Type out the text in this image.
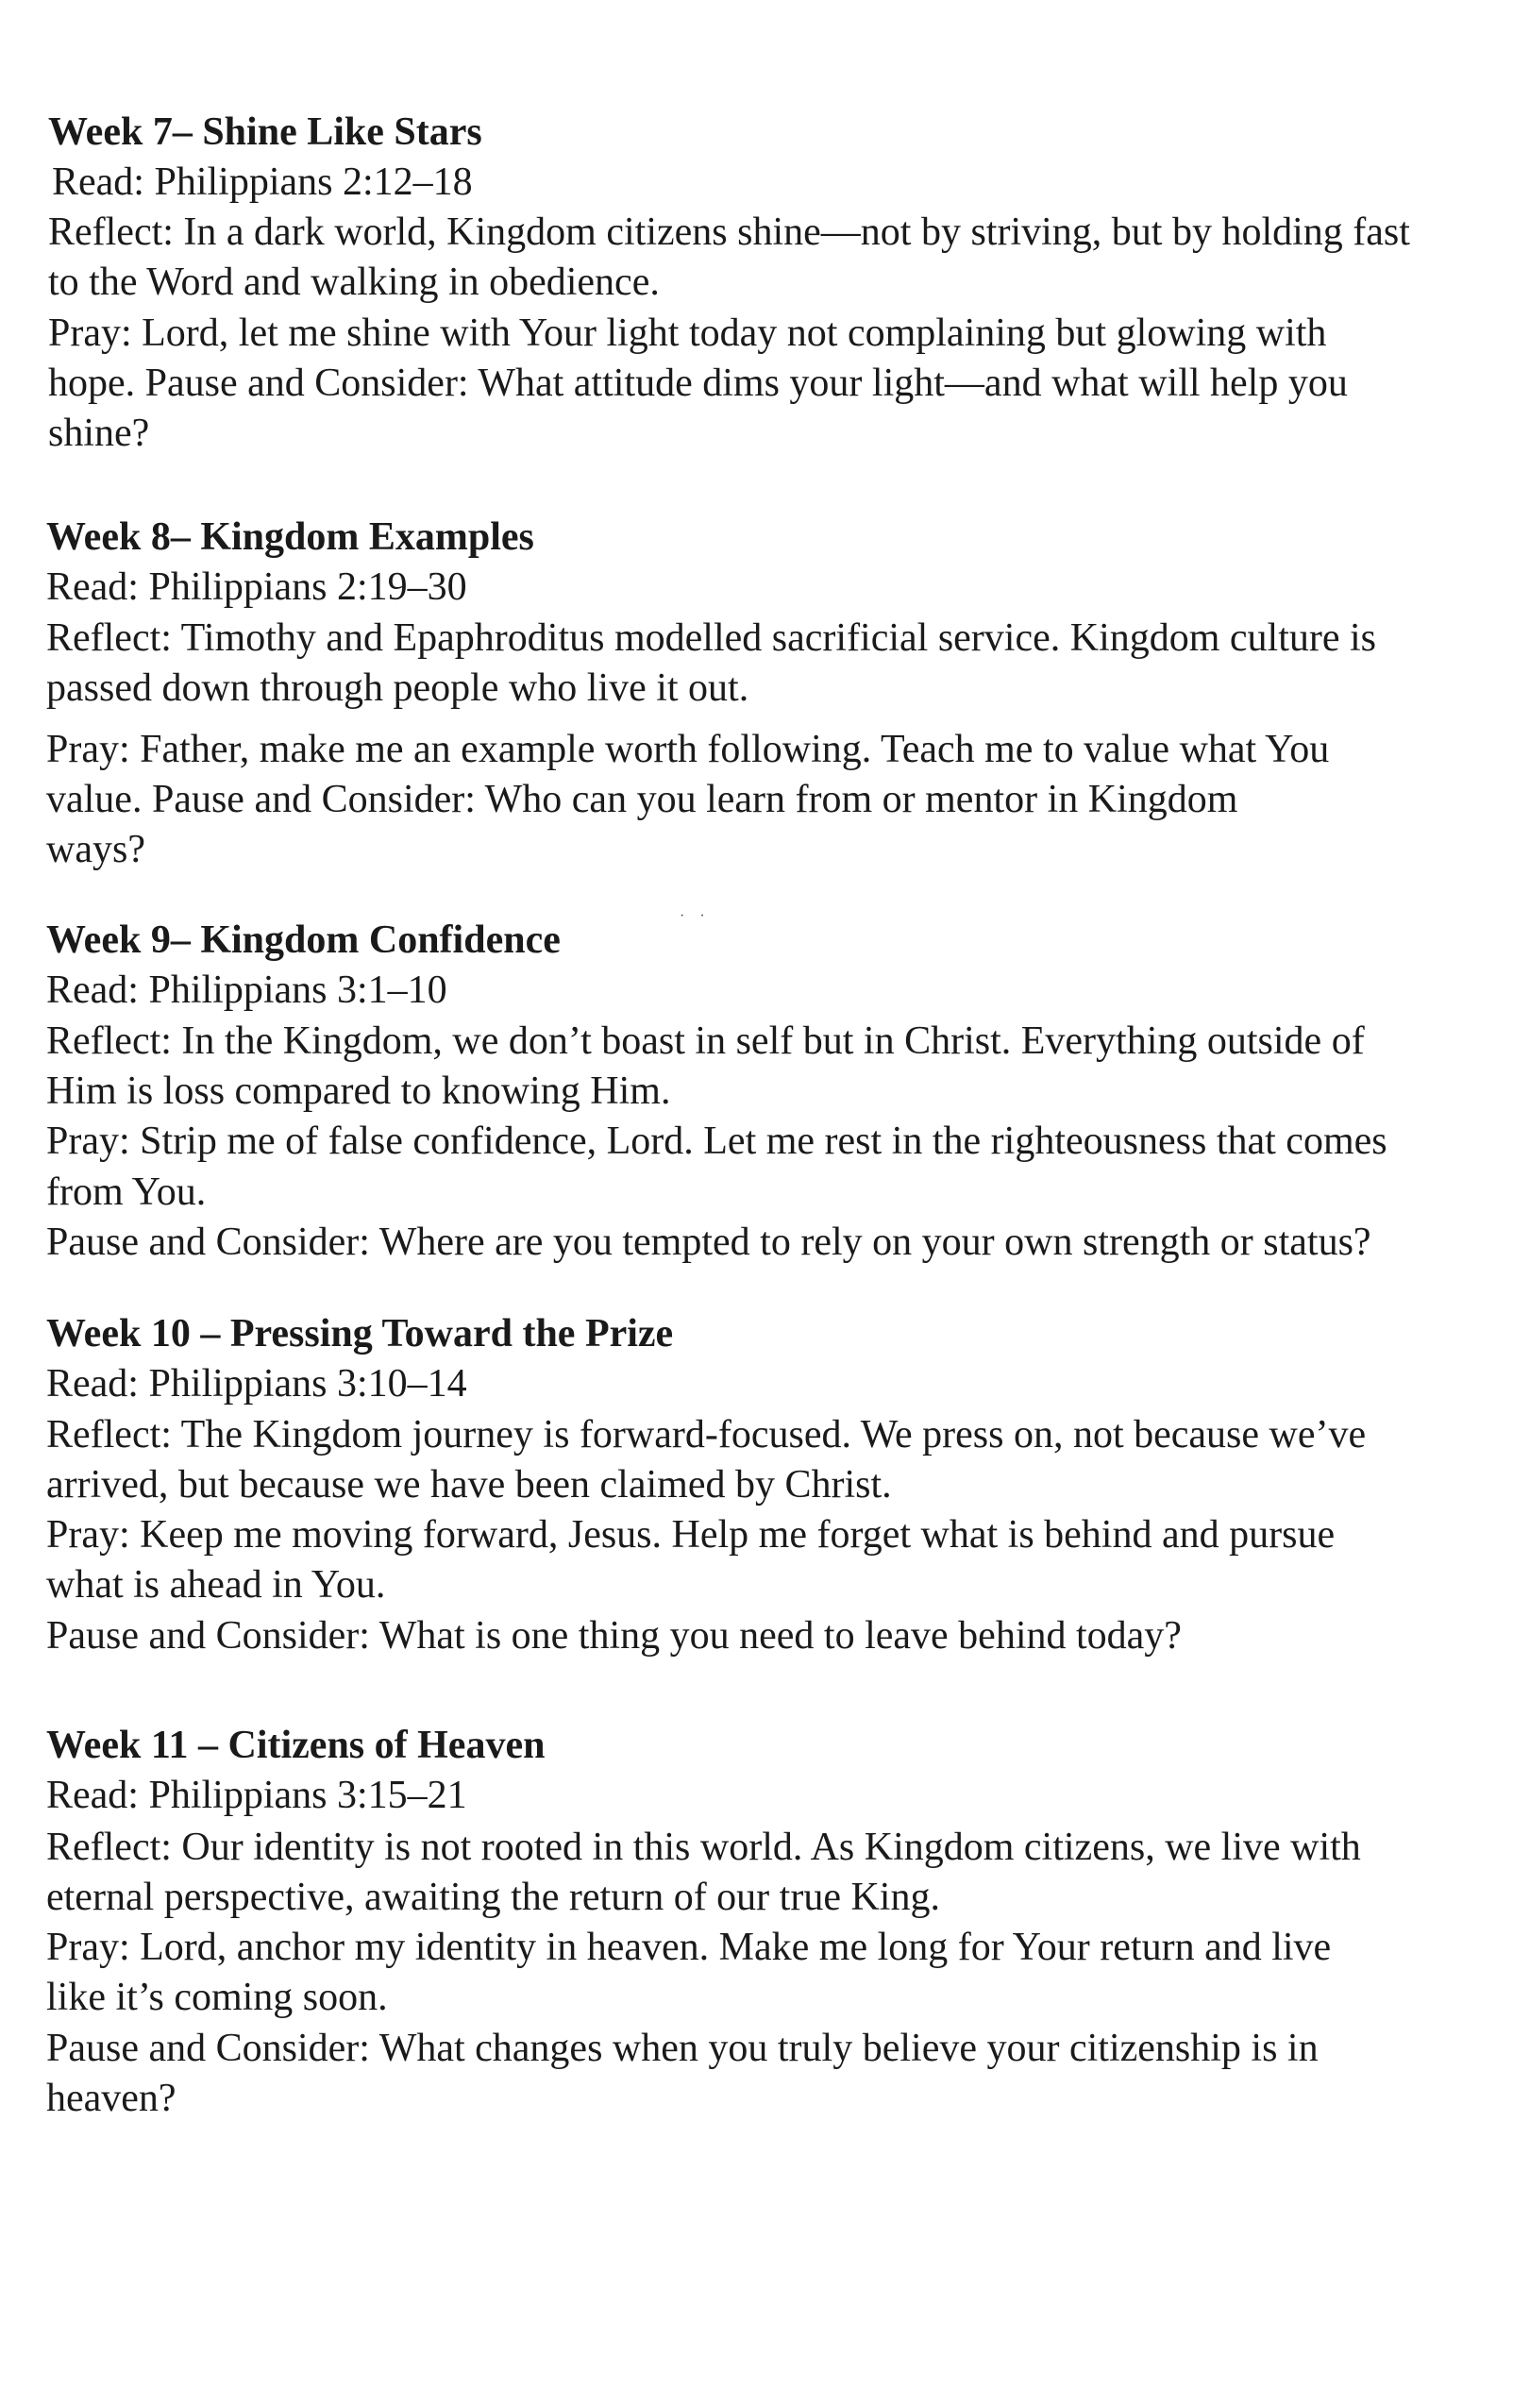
Week 7– Shine Like Stars
Read: Philippians 2:12–18
Reflect: In a dark world, Kingdom citizens shine—not by striving, but by holding fast
to the Word and walking in obedience.
Pray: Lord, let me shine with Your light today not complaining but glowing with
hope. Pause and Consider: What attitude dims your light—and what will help you
shine?
Week 8– Kingdom Examples
Read: Philippians 2:19–30
Reflect: Timothy and Epaphroditus modelled sacrificial service. Kingdom culture is
passed down through people who live it out.
Pray: Father, make me an example worth following. Teach me to value what You
value. Pause and Consider: Who can you learn from or mentor in Kingdom
ways?
Week 9– Kingdom Confidence
· ·
Read: Philippians 3:1–10
Reflect: In the Kingdom, we don’t boast in self but in Christ. Everything outside of
Him is loss compared to knowing Him.
Pray: Strip me of false confidence, Lord. Let me rest in the righteousness that comes
from You.
Pause and Consider: Where are you tempted to rely on your own strength or status?
Week 10 – Pressing Toward the Prize
Read: Philippians 3:10–14
Reflect: The Kingdom journey is forward-focused. We press on, not because we’ve
arrived, but because we have been claimed by Christ.
Pray: Keep me moving forward, Jesus. Help me forget what is behind and pursue
what is ahead in You.
Pause and Consider: What is one thing you need to leave behind today?
Week 11 – Citizens of Heaven
Read: Philippians 3:15–21
Reflect: Our identity is not rooted in this world. As Kingdom citizens, we live with
eternal perspective, awaiting the return of our true King.
Pray: Lord, anchor my identity in heaven. Make me long for Your return and live
like it’s coming soon.
Pause and Consider: What changes when you truly believe your citizenship is in
heaven?
